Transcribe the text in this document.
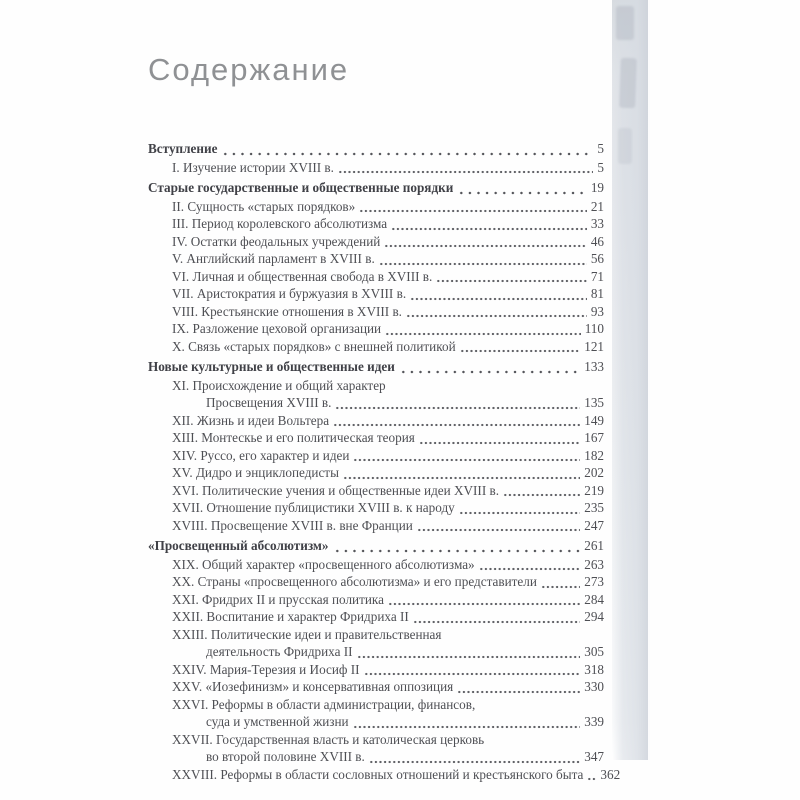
Содержание
Вступление	5
I. Изучение истории XVIII в.	5
Старые государственные и общественные порядки	19
II. Сущность «старых порядков»	21
III. Период королевского абсолютизма	33
IV. Остатки феодальных учреждений	46
V. Английский парламент в XVIII в.	56
VI. Личная и общественная свобода в XVIII в.	71
VII. Аристократия и буржуазия в XVIII в.	81
VIII. Крестьянские отношения в XVIII в.	93
IX. Разложение цеховой организации	110
X. Связь «старых порядков» с внешней политикой	121
Новые культурные и общественные идеи	133
XI. Происхождение и общий характер
Просвещения XVIII в.	135
XII. Жизнь и идеи Вольтера	149
XIII. Монтескье и его политическая теория	167
XIV. Руссо, его характер и идеи	182
XV. Дидро и энциклопедисты	202
XVI. Политические учения и общественные идеи XVIII в.	219
XVII. Отношение публицистики XVIII в. к народу	235
XVIII. Просвещение XVIII в. вне Франции	247
«Просвещенный абсолютизм»	261
XIX. Общий характер «просвещенного абсолютизма»	263
XX. Страны «просвещенного абсолютизма» и его представители	273
XXI. Фридрих II и прусская политика	284
XXII. Воспитание и характер Фридриха II	294
XXIII. Политические идеи и правительственная
деятельность Фридриха II	305
XXIV. Мария-Терезия и Иосиф II	318
XXV. «Иозефинизм» и консервативная оппозиция	330
XXVI. Реформы в области администрации, финансов,
суда и умственной жизни	339
XXVII. Государственная власть и католическая церковь
во второй половине XVIII в.	347
XXVIII. Реформы в области сословных отношений и крестьянского быта 362
